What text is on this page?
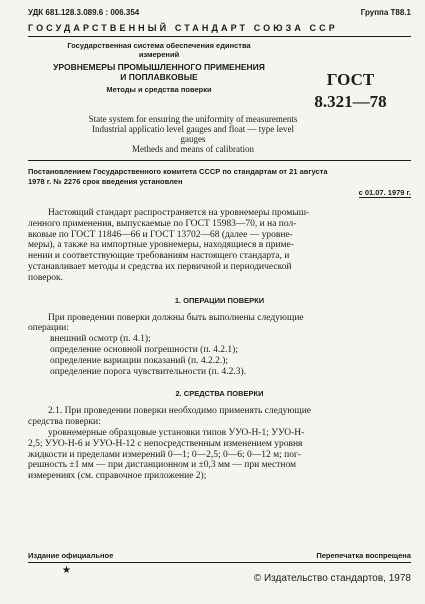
УДК 681.128.3.089.6 : 006.354	Группа Т88.1
ГОСУДАРСТВЕННЫЙ СТАНДАРТ СОЮЗА ССР
Государственная система обеспечения единства
измерений
УРОВНЕМЕРЫ ПРОМЫШЛЕННОГО ПРИМЕНЕНИЯ
И ПОПЛАВКОВЫЕ
Методы и средства поверки
ГОСТ
8.321—78
State system for ensuring the uniformity of measurements
Industrial applicatio level gauges and float — type level
gauges
Metheds and means of calibration
Постановлением Государственного комитета СССР по стандартам от 21 августа
1978 г. № 2276 срок введения установлен
с 01.07. 1979 г.

Настоящий стандарт распространяется на уровнемеры промыш-

ленного применения, выпускаемые по ГОСТ 15983—70, и на пол-

вковые по ГОСТ 11846—66 и ГОСТ 13702—68 (далее — уровне-

меры), а также на импортные уровнемеры, находящиеся в приме-

нении и соответствующие требованиям настоящего стандарта, и

устанавливает методы и средства их первичной и периодической

поверок.

1. ОПЕРАЦИИ ПОВЕРКИ

При проведении поверки должны быть выполнены следующие

операции:

внешний осмотр (п. 4.1);

определение основной погрешности (п. 4.2.1);

определение вариации показаний (п. 4.2.2.);

определение порога чувствительности (п. 4.2.3).

2. СРЕДСТВА ПОВЕРКИ

2.1. При проведении поверки необходимо применять следующие

средства поверки:

уровнемерные образцовые установки типов УУО-Н-1; УУО-Н-

2,5; УУО-Н-6 и УУО-Н-12 с непосредственным изменением уровня

жидкости и пределами измерений 0—1; 0—2,5; 0—6; 0—12 м; пог-

решность ±1 мм — при дистанционном и ±0,3 мм — при местном

измерениях (см. справочное приложение 2);

Издание официальное	Перепечатка воспрещена
★
© Издательство стандартов, 1978
